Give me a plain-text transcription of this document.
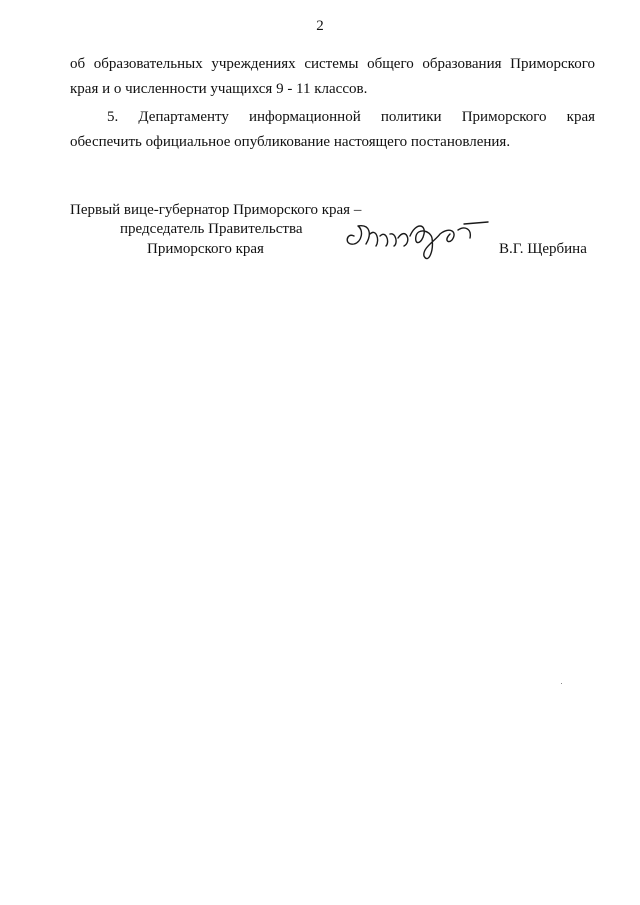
2
об образовательных учреждениях системы общего образования Приморского
края и о численности учащихся 9 - 11 классов.
5. Департаменту информационной политики Приморского края
обеспечить официальное опубликование настоящего постановления.
Первый вице-губернатор Приморского края –
председатель Правительства
Приморского края	В.Г. Щербина
